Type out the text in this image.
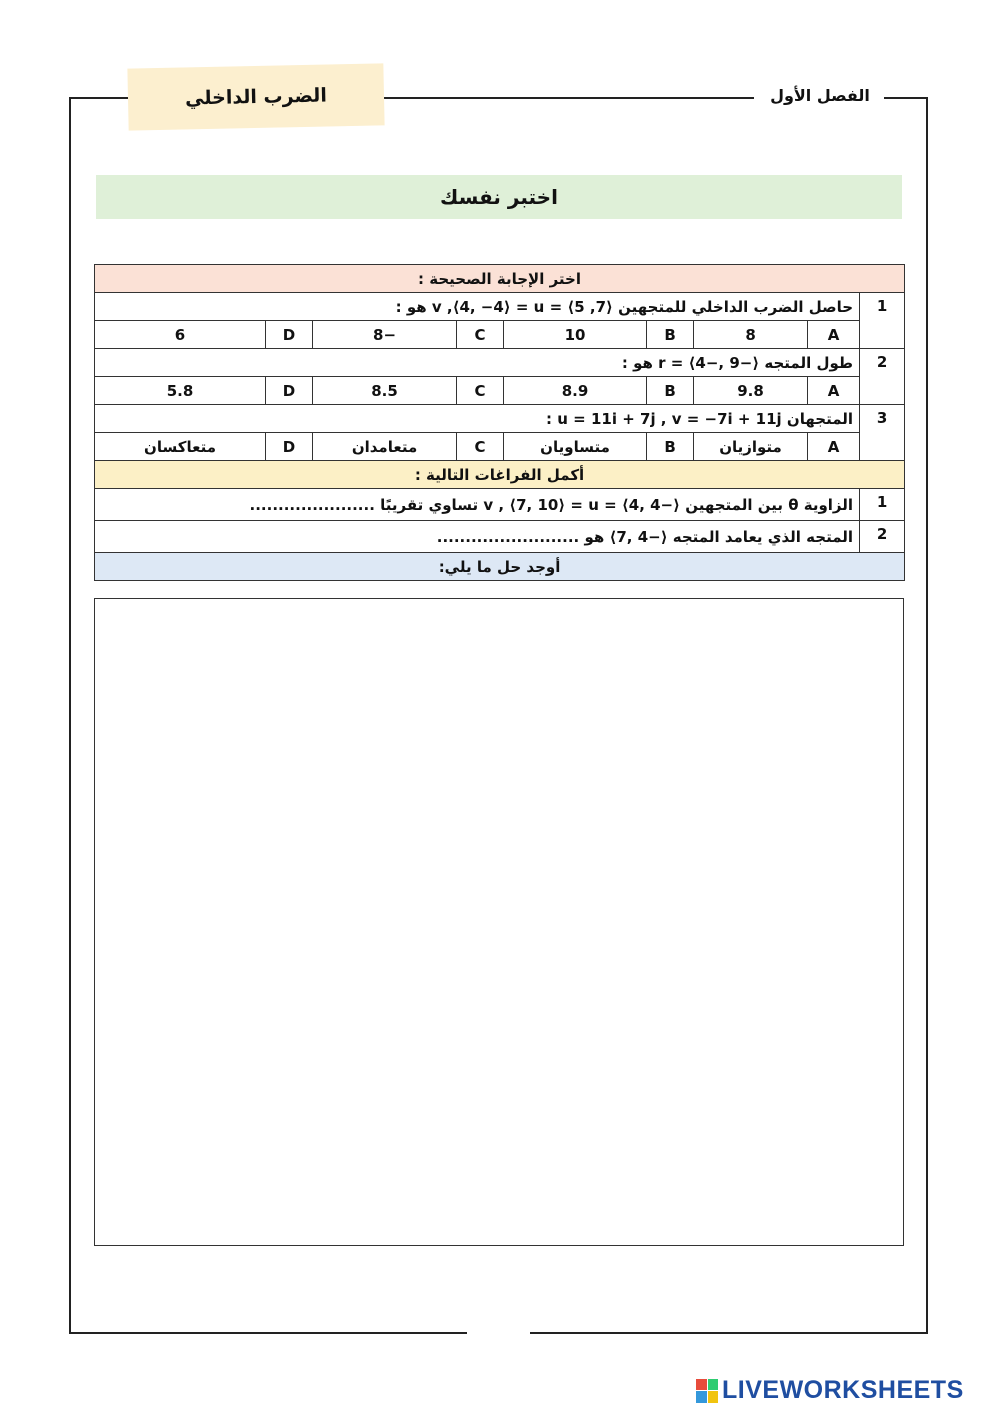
الضرب الداخلي	الفصل الأول
اختبر نفسك
اختر الإجابة الصحيحة :								
1	حاصل الضرب الداخلي للمتجهين ⟨7, 5⟩ = v ,⟨4, −4⟩ = u هو :							
	A	8	B	10	C	−8	D	6
2	طول المتجه ⟨−9 ,−4⟩ = r هو :							
	A	9.8	B	8.9	C	8.5	D	5.8
3	المتجهان u = 11i + 7j , v = −7i + 11j :							
	A	متوازيان	B	متساويان	C	متعامدان	D	متعاكسان
أكمل الفراغات التالية :								
1	الزاوية θ بين المتجهين ⟨−4 ,4⟩ = v , ⟨7, 10⟩ = u تساوي تقريبًا ......................							
2	المتجه الذي يعامد المتجه ⟨−4 ,7⟩ هو .........................							
أوجد حل ما يلي:								
LIVEWORKSHEETS
